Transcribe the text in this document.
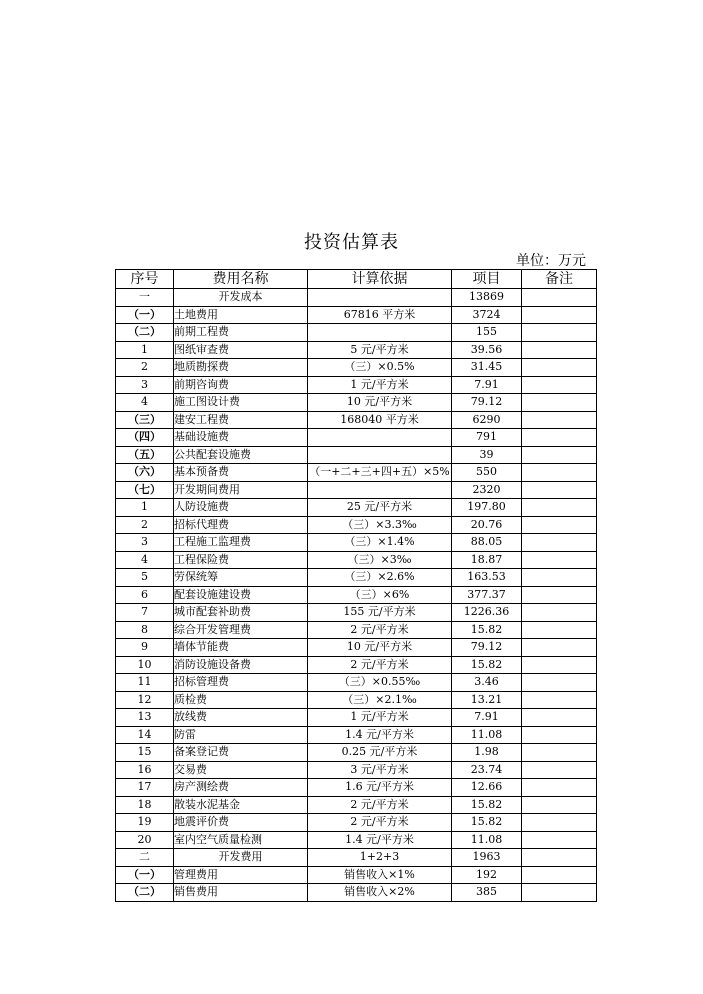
投资估算表
单位：万元
序号	费用名称	计算依据	项目	备注
一	开发成本		13869	
（一）	土地费用	67816 平方米	3724	
（二）	前期工程费		155	
1	图纸审查费	5 元/平方米	39.56	
2	地质勘探费	（三）×0.5%	31.45	
3	前期咨询费	1 元/平方米	7.91	
4	施工图设计费	10 元/平方米	79.12	
（三）	建安工程费	168040 平方米	6290	
（四）	基础设施费		791	
（五）	公共配套设施费		39	
（六）	基本预备费	（一+二+三+四+五）×5%	550	
（七）	开发期间费用		2320	
1	人防设施费	25 元/平方米	197.80	
2	招标代理费	（三）×3.3‰	20.76	
3	工程施工监理费	（三）×1.4%	88.05	
4	工程保险费	（三）×3‰	18.87	
5	劳保统筹	（三）×2.6%	163.53	
6	配套设施建设费	（三）×6%	377.37	
7	城市配套补助费	155 元/平方米	1226.36	
8	综合开发管理费	2 元/平方米	15.82	
9	墙体节能费	10 元/平方米	79.12	
10	消防设施设备费	2 元/平方米	15.82	
11	招标管理费	（三）×0.55‰	3.46	
12	质检费	（三）×2.1‰	13.21	
13	放线费	1 元/平方米	7.91	
14	防雷	1.4 元/平方米	11.08	
15	备案登记费	0.25 元/平方米	1.98	
16	交易费	3 元/平方米	23.74	
17	房产测绘费	1.6 元/平方米	12.66	
18	散装水泥基金	2 元/平方米	15.82	
19	地震评价费	2 元/平方米	15.82	
20	室内空气质量检测	1.4 元/平方米	11.08	
二	开发费用	1+2+3	1963	
（一）	管理费用	销售收入×1%	192	
（二）	销售费用	销售收入×2%	385	
